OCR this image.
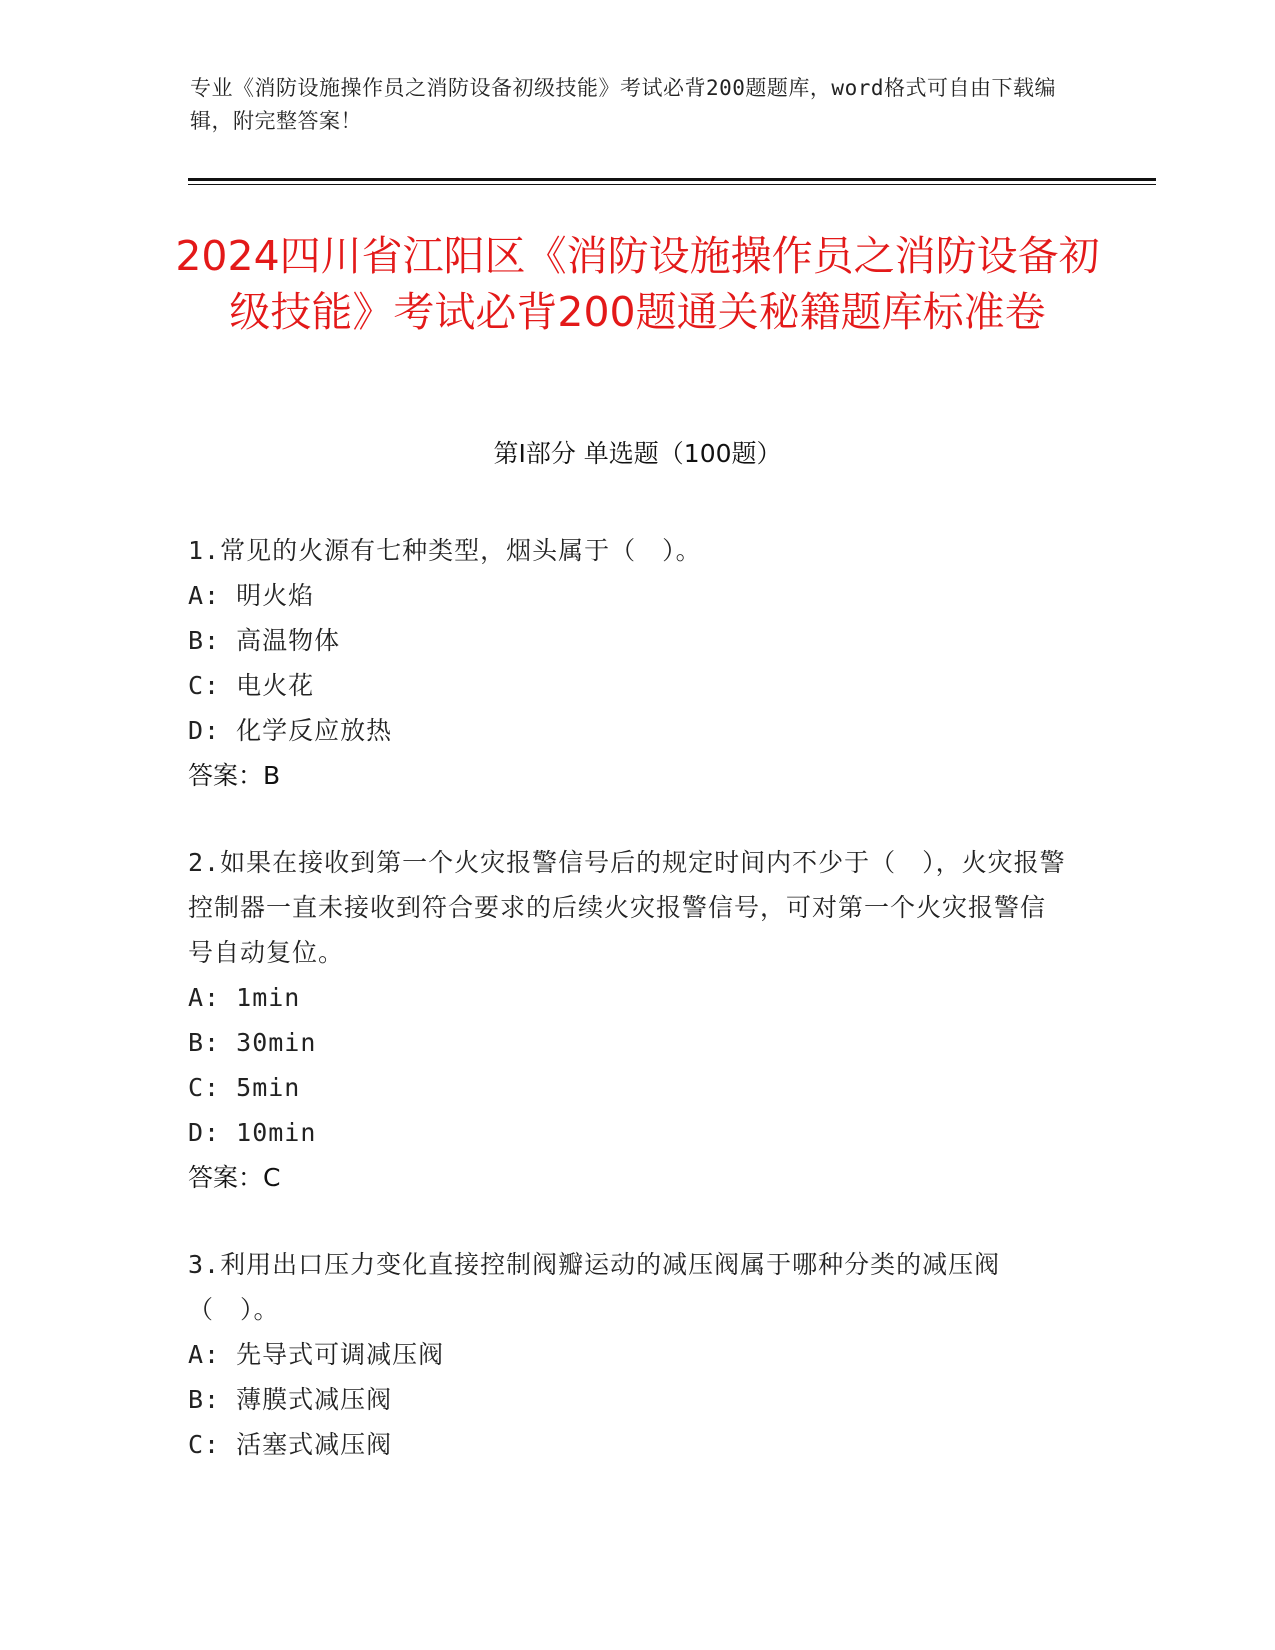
专业《消防设施操作员之消防设备初级技能》考试必背200题题库，word格式可自由下载编辑，附完整答案！
2024四川省江阳区《消防设施操作员之消防设备初级技能》考试必背200题通关秘籍题库标准卷
第Ⅰ部分 单选题（100题）
1.常见的火源有七种类型，烟头属于（　）。
A: 明火焰
B: 高温物体
C: 电火花
D: 化学反应放热
答案：B
2.如果在接收到第一个火灾报警信号后的规定时间内不少于（　），火灾报警控制器一直未接收到符合要求的后续火灾报警信号，可对第一个火灾报警信号自动复位。
A: 1min
B: 30min
C: 5min
D: 10min
答案：C
3.利用出口压力变化直接控制阀瓣运动的减压阀属于哪种分类的减压阀（　）。
A: 先导式可调减压阀
B: 薄膜式减压阀
C: 活塞式减压阀
